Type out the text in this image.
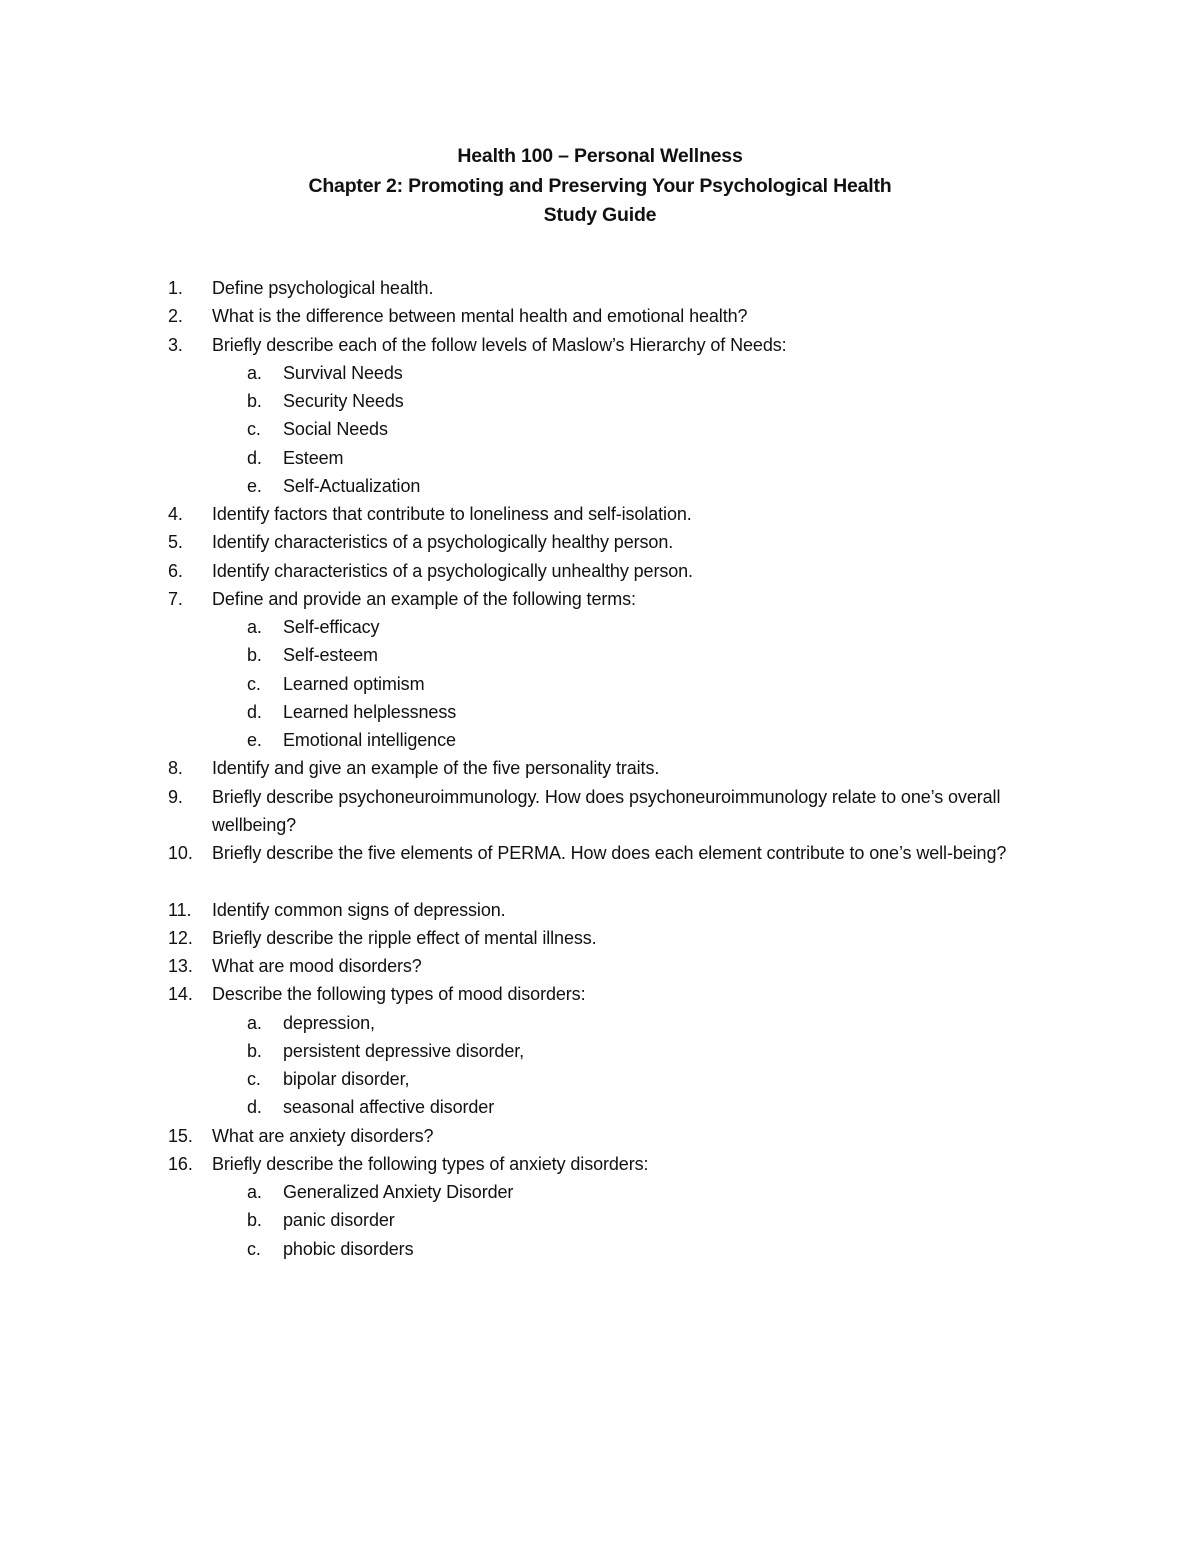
Health 100 – Personal Wellness
Chapter 2: Promoting and Preserving Your Psychological Health
Study Guide
1.	Define psychological health.
2.	What is the difference between mental health and emotional health?
3.	Briefly describe each of the follow levels of Maslow’s Hierarchy of Needs:
a.	Survival Needs
b.	Security Needs
c.	Social Needs
d.	Esteem
e.	Self-Actualization
4.	Identify factors that contribute to loneliness and self-isolation.
5.	Identify characteristics of a psychologically healthy person.
6.	Identify characteristics of a psychologically unhealthy person.
7.	Define and provide an example of the following terms:
a.	Self-efficacy
b.	Self-esteem
c.	Learned optimism
d.	Learned helplessness
e.	Emotional intelligence
8.	Identify and give an example of the five personality traits.
9.	Briefly describe psychoneuroimmunology. How does psychoneuroimmunology relate to one’s overall wellbeing?
10.	Briefly describe the five elements of PERMA. How does each element contribute to one’s well-being?
11.	Identify common signs of depression.
12.	Briefly describe the ripple effect of mental illness.
13.	What are mood disorders?
14.	Describe the following types of mood disorders:
a.	depression,
b.	persistent depressive disorder,
c.	bipolar disorder,
d.	seasonal affective disorder
15.	What are anxiety disorders?
16.	Briefly describe the following types of anxiety disorders:
a.	Generalized Anxiety Disorder
b.	panic disorder
c.	phobic disorders
